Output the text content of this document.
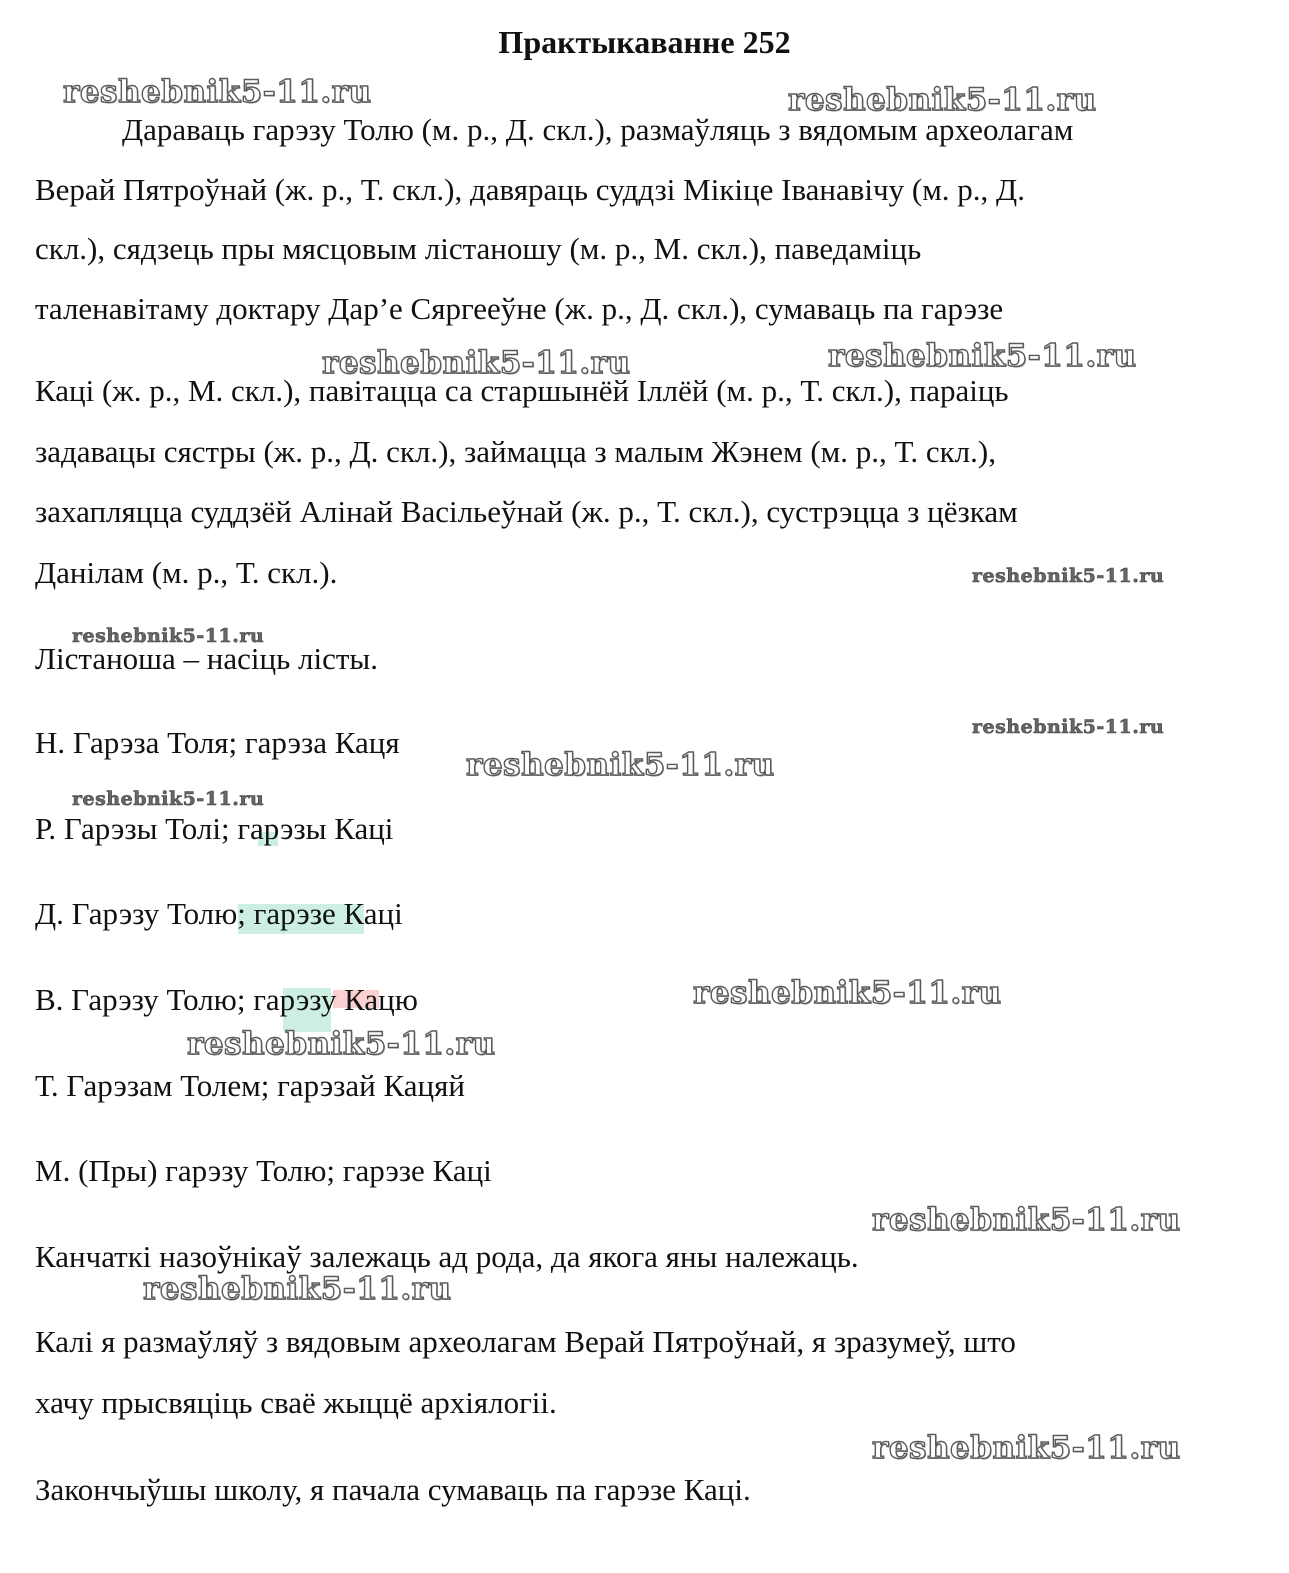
Практыкаванне 252
Дараваць гарэзу Толю (м. р., Д. скл.), размаўляць з вядомым археолагам
Верай Пятроўнай (ж. р., Т. скл.), давяраць суддзі Мікіце Іванавічу (м. р., Д.
скл.), сядзець пры мясцовым лістаношу (м. р., М. скл.), паведаміць
таленавітаму доктару Дар’е Сяргееўне (ж. р., Д. скл.), сумаваць па гарэзе
Каці (ж. р., М. скл.), павітацца са старшынёй Іллёй (м. р., Т. скл.), параіць
задавацы сястры (ж. р., Д. скл.), займацца з малым Жэнем (м. р., Т. скл.),
захапляцца суддзёй Алінай Васільеўнай (ж. р., Т. скл.), сустрэцца з цёзкам
Данілам (м. р., Т. скл.).
Лістаноша – насіць лісты.
Н. Гарэза Толя; гарэза Каця
Р. Гарэзы Толі; гарэзы Каці
Д. Гарэзу Толю; гарэзе Каці
В. Гарэзу Толю; гарэзу Кацю
Т. Гарэзам Толем; гарэзай Кацяй
М. (Пры) гарэзу Толю; гарэзе Каці
Канчаткі назоўнікаў залежаць ад рода, да якога яны належаць.
Калі я размаўляў з вядовым археолагам Верай Пятроўнай, я зразумеў, што
хачу прысвяціць сваё жыццё архіялогіі.
Закончыўшы школу, я пачала сумаваць па гарэзе Каці.
reshebnik5-11.ru	reshebnik5-11.ru
reshebnik5-11.ru	reshebnik5-11.ru
reshebnik5-11.ru
reshebnik5-11.ru
reshebnik5-11.ru
reshebnik5-11.ru
reshebnik5-11.ru
reshebnik5-11.ru
reshebnik5-11.ru
reshebnik5-11.ru
reshebnik5-11.ru
reshebnik5-11.ru
